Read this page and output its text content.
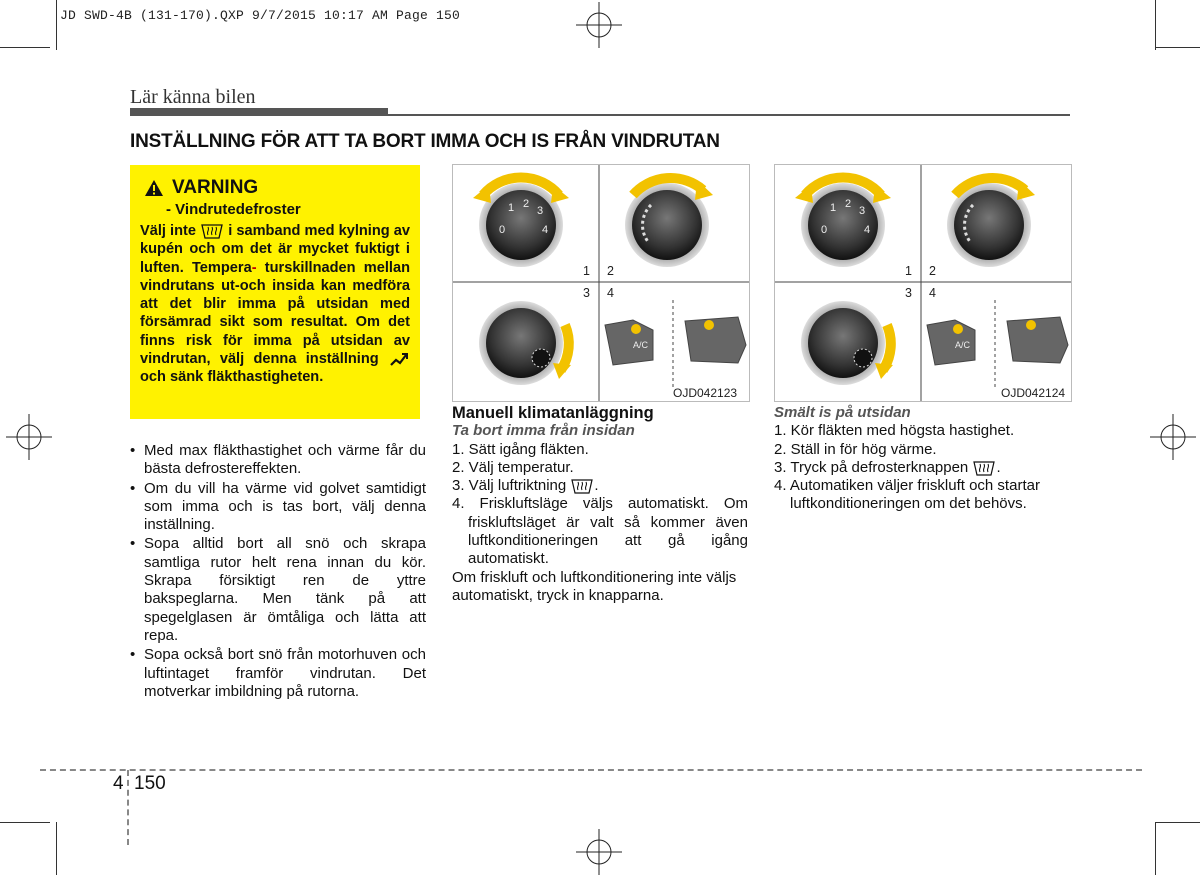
JD SWD-4B (131-170).QXP 9/7/2015 10:17 AM Page 150
Lär känna bilen
INSTÄLLNING FÖR ATT TA BORT IMMA OCH IS FRÅN VINDRUTAN
VARNING
- Vindrutedefroster
Välj inte i samband med kylning av kupén och om det är mycket fuktigt i luften. Tempera- turskillnaden mellan vindrutans ut-och insida kan medföra att det blir imma på utsidan med försämrad sikt som resultat. Om det finns risk för imma på utsidan av vindrutan, välj denna inställning  och sänk fläkthastigheten.
• Med max fläkthastighet och värme får du bästa defrostereffekten.
• Om du vill ha värme vid golvet samtidigt som imma och is tas bort, välj denna inställning.
• Sopa alltid bort all snö och skrapa samtliga rutor helt rena innan du kör. Skrapa försiktigt ren de yttre bakspeglarna. Men tänk på att spegelglasen är ömtåliga och lätta att repa.
• Sopa också bort snö från motorhuven och luftintaget framför vindrutan. Det motverkar imbildning på rutorna.
1 2
3 4
0
1 2
3
4
A/C
OJD042123
1 2
3 4
0
1 2
3
4
A/C
OJD042124
Manuell klimatanläggning
Ta bort imma från insidan
1. Sätt igång fläkten.
2. Välj temperatur.
3. Välj luftriktning .
4. Friskluftsläge väljs automatiskt. Om friskluftsläget är valt så kommer även luftkonditioneringen att gå igång automatiskt.
Om friskluft och luftkonditionering inte väljs automatiskt, tryck in knapparna.
Smält is på utsidan
1. Kör fläkten med högsta hastighet.
2. Ställ in för hög värme.
3. Tryck på defrosterknappen .
4. Automatiken väljer friskluft och startar luftkonditioneringen om det behövs.
4 150
